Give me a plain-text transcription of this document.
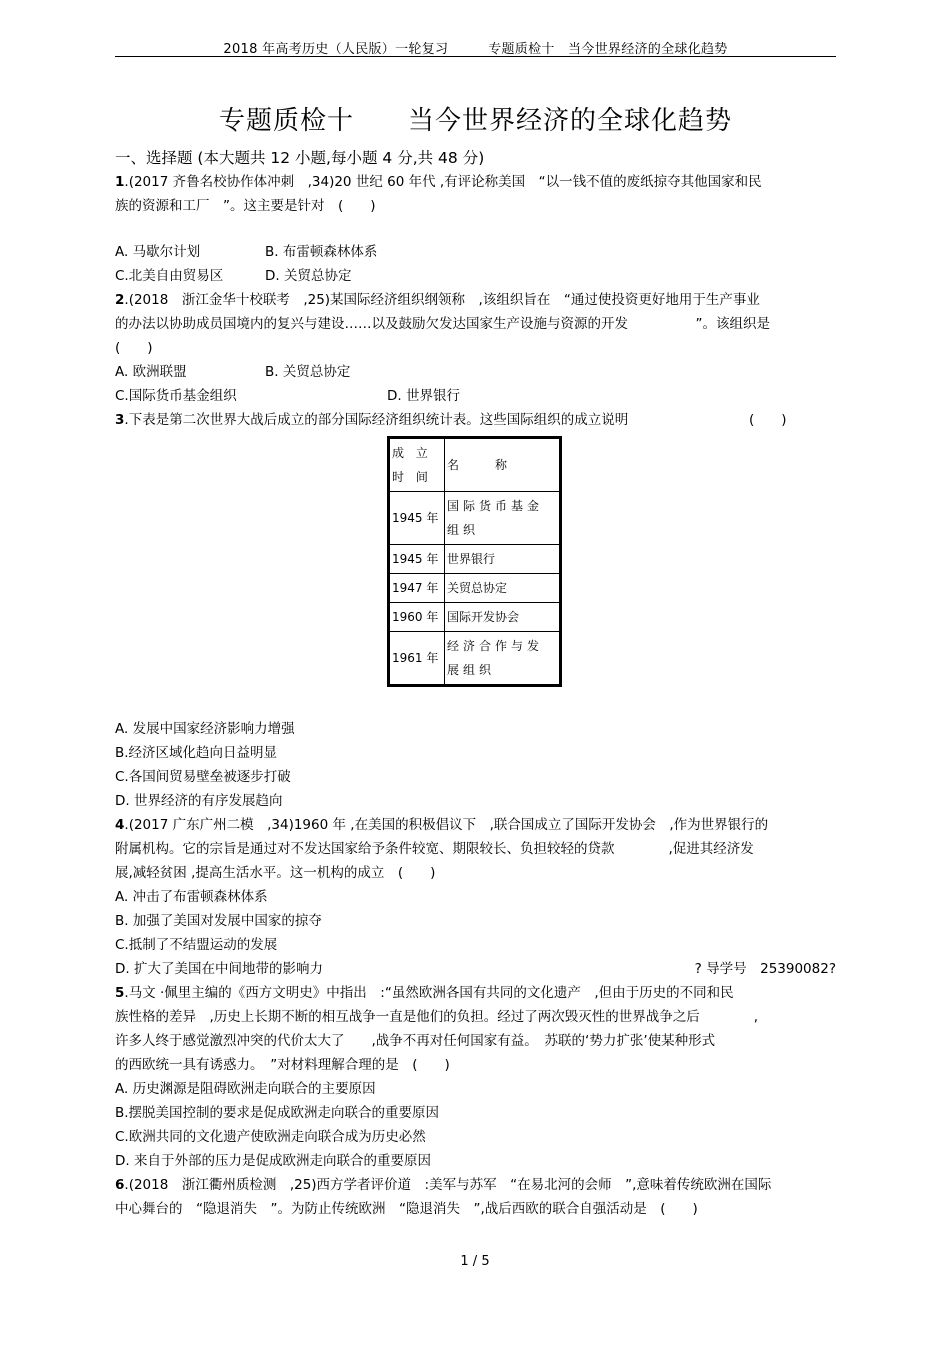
2018 年高考历史（人民版）一轮复习　　　专题质检十　当今世界经济的全球化趋势
专题质检十　　当今世界经济的全球化趋势
一、选择题 (本大题共 12 小题,每小题 4 分,共 48 分)
1.(2017 齐鲁名校协作体冲刺　,34)20 世纪 60 年代 ,有评论称美国　“以一钱不值的废纸掠夺其他国家和民
族的资源和工厂　”。这主要是针对　(　　)
A. 马歇尔计划	B. 布雷顿森林体系
C.北美自由贸易区	D. 关贸总协定
2.(2018　浙江金华十校联考　,25)某国际经济组织纲领称　,该组织旨在　“通过使投资更好地用于生产事业
的办法以协助成员国境内的复兴与建设……以及鼓励欠发达国家生产设施与资源的开发　　　　　”。该组织是
(　　)
A. 欧洲联盟	B. 关贸总协定
C.国际货币基金组织	D. 世界银行
3.下表是第二次世界大战后成立的部分国际经济组织统计表。这些国际组织的成立说明	(　　)
成 立 时 间	名　　称
1945 年	国际货币基金组织
1945 年	世界银行
1947 年	关贸总协定
1960 年	国际开发协会
1961 年	经济合作与发展组织
A. 发展中国家经济影响力增强
B.经济区域化趋向日益明显
C.各国间贸易壁垒被逐步打破
D. 世界经济的有序发展趋向
4.(2017 广东广州二模　,34)1960 年 ,在美国的积极倡议下　,联合国成立了国际开发协会　,作为世界银行的
附属机构。它的宗旨是通过对不发达国家给予条件较宽、期限较长、负担较轻的贷款　　　　,促进其经济发
展,减轻贫困 ,提高生活水平。这一机构的成立　(　　)
A. 冲击了布雷顿森林体系
B. 加强了美国对发展中国家的掠夺
C.抵制了不结盟运动的发展
D. 扩大了美国在中间地带的影响力	? 导学号　25390082?
5.马文 ·佩里主编的《西方文明史》中指出　:“虽然欧洲各国有共同的文化遗产　,但由于历史的不同和民
族性格的差异　,历史上长期不断的相互战争一直是他们的负担。经过了两次毁灭性的世界战争之后　　　　,
许多人终于感觉激烈冲突的代价太大了　　,战争不再对任何国家有益。　苏联的‘势力扩张’使某种形式
的西欧统一具有诱惑力。　”对材料理解合理的是　(　　)
A. 历史渊源是阻碍欧洲走向联合的主要原因
B.摆脱美国控制的要求是促成欧洲走向联合的重要原因
C.欧洲共同的文化遗产使欧洲走向联合成为历史必然
D. 来自于外部的压力是促成欧洲走向联合的重要原因
6.(2018　浙江衢州质检测　,25)西方学者评价道　:美军与苏军　“在易北河的会师　”,意味着传统欧洲在国际
中心舞台的　“隐退消失　”。为防止传统欧洲　“隐退消失　”,战后西欧的联合自强活动是　(　　)
1 / 5
